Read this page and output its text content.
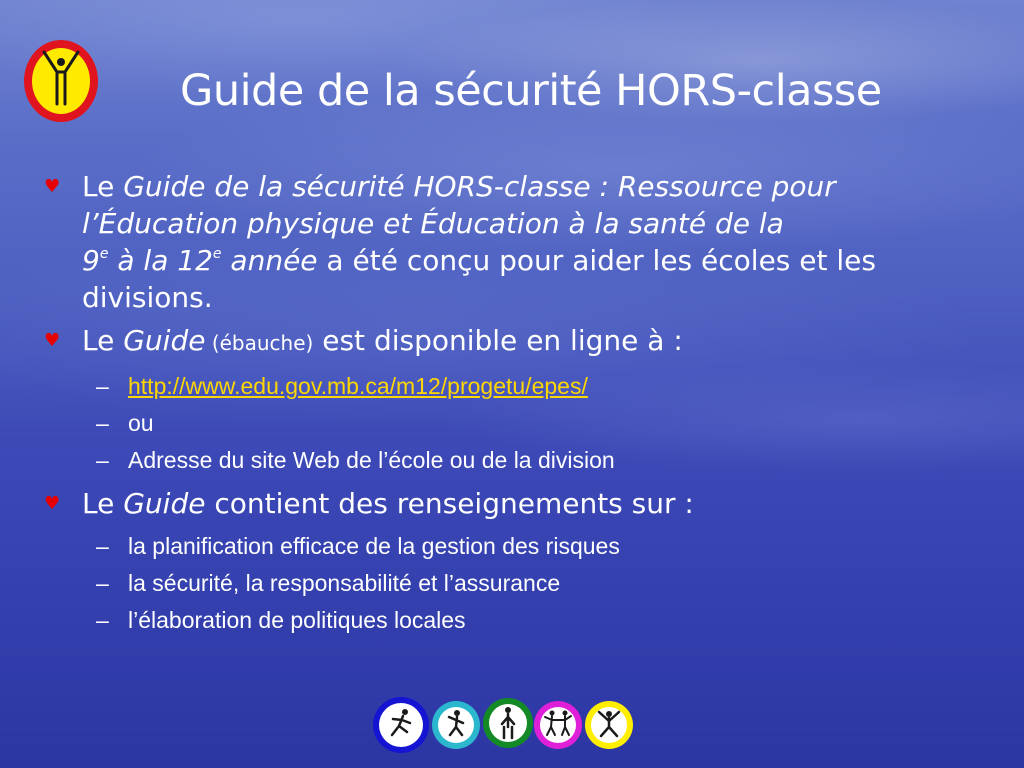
Guide de la sécurité HORS-classe
♥ Le Guide de la sécurité HORS-classe : Ressource pour l’Éducation physique et Éducation à la santé de la
9e à la 12e année a été conçu pour aider les écoles et les divisions.
♥ Le Guide (ébauche) est disponible en ligne à :
– http://www.edu.gov.mb.ca/m12/progetu/epes/
– ou
– Adresse du site Web de l’école ou de la division
♥ Le Guide contient des renseignements sur :
– la planification efficace de la gestion des risques
– la sécurité, la responsabilité et l’assurance
– l’élaboration de politiques locales
